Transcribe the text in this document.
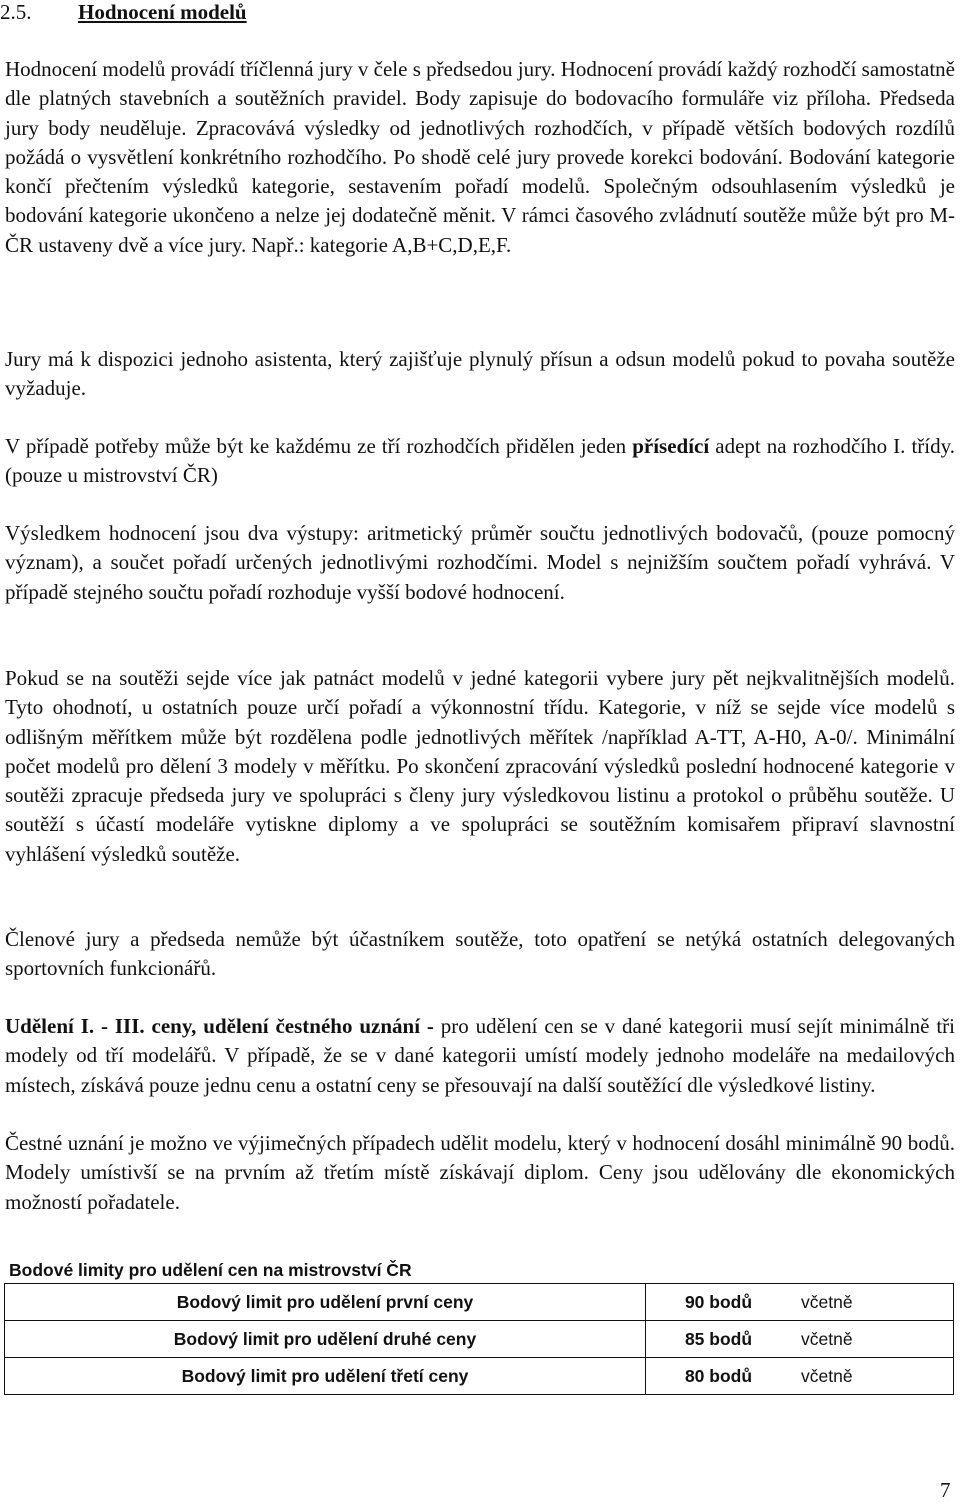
2.5. Hodnocení modelů

Hodnocení modelů provádí tříčlenná jury v čele s předsedou jury. Hodnocení provádí každý rozhodčí samostatně dle platných stavebních a soutěžních pravidel. Body zapisuje do bodovacího formuláře viz příloha. Předseda jury body neuděluje. Zpracovává výsledky od jednotlivých rozhodčích, v případě větších bodových rozdílů požádá o vysvětlení konkrétního rozhodčího. Po shodě celé jury provede korekci bodování. Bodování kategorie končí přečtením výsledků kategorie, sestavením pořadí modelů. Společným odsouhlasením výsledků je bodování kategorie ukončeno a nelze jej dodatečně měnit. V rámci časového zvládnutí soutěže může být pro M-ČR ustaveny dvě a více jury. Např.: kategorie A,B+C,D,E,F.

Jury má k dispozici jednoho asistenta, který zajišťuje plynulý přísun a odsun modelů pokud to povaha soutěže vyžaduje.

V případě potřeby může být ke každému ze tří rozhodčích přidělen jeden přísedící adept na rozhodčího I. třídy. (pouze u mistrovství ČR)

Výsledkem hodnocení jsou dva výstupy: aritmetický průměr součtu jednotlivých bodovačů, (pouze pomocný význam), a součet pořadí určených jednotlivými rozhodčími. Model s nejnižším součtem pořadí vyhrává. V případě stejného součtu pořadí rozhoduje vyšší bodové hodnocení.

Pokud se na soutěži sejde více jak patnáct modelů v jedné kategorii vybere jury pět nejkvalitnějších modelů. Tyto ohodnotí, u ostatních pouze určí pořadí a výkonnostní třídu. Kategorie, v níž se sejde více modelů s odlišným měřítkem může být rozdělena podle jednotlivých měřítek /například A-TT, A-H0, A-0/. Minimální počet modelů pro dělení 3 modely v měřítku. Po skončení zpracování výsledků poslední hodnocené kategorie v soutěži zpracuje předseda jury ve spolupráci s členy jury výsledkovou listinu a protokol o průběhu soutěže. U soutěží s účastí modeláře vytiskne diplomy a ve spolupráci se soutěžním komisařem připraví slavnostní vyhlášení výsledků soutěže.

Členové jury a předseda nemůže být účastníkem soutěže, toto opatření se netýká ostatních delegovaných sportovních funkcionářů.

Udělení I. - III. ceny, udělení čestného uznání - pro udělení cen se v dané kategorii musí sejít minimálně tři modely od tří modelářů. V případě, že se v dané kategorii umístí modely jednoho modeláře na medailových místech, získává pouze jednu cenu a ostatní ceny se přesouvají na další soutěžící dle výsledkové listiny.

Čestné uznání je možno ve výjimečných případech udělit modelu, který v hodnocení dosáhl minimálně 90 bodů. Modely umístivší se na prvním až třetím místě získávají diplom. Ceny jsou udělovány dle ekonomických možností pořadatele.

Bodové limity pro udělení cen na mistrovství ČR
Bodový limit pro udělení první ceny	90 bodů	včetně
Bodový limit pro udělení druhé ceny	85 bodů	včetně
Bodový limit pro udělení třetí ceny	80 bodů	včetně
7
